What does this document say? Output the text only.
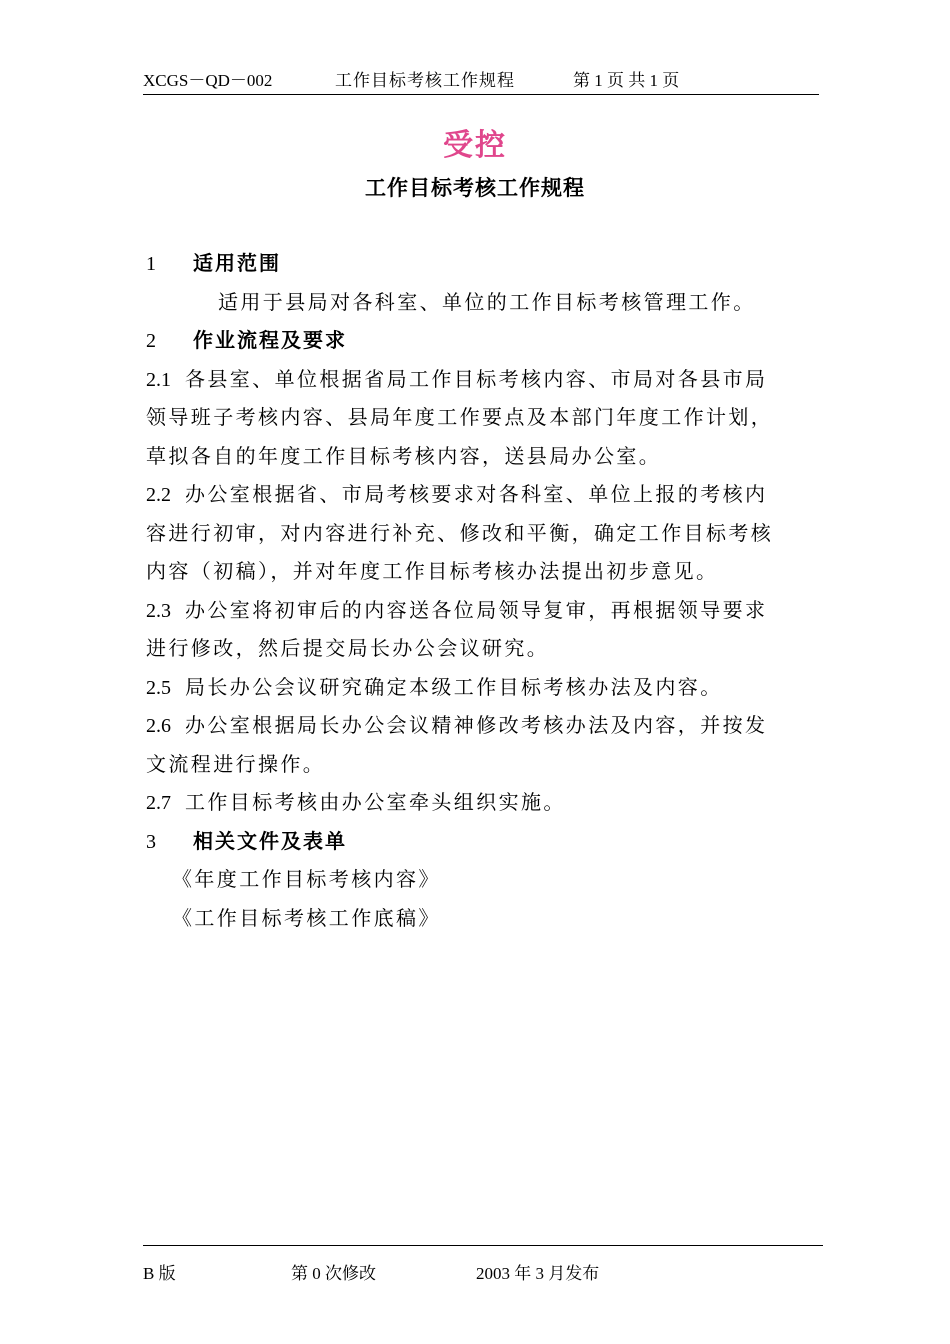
XCGS－QD－002	工作目标考核工作规程	第 1 页 共 1 页
受控
工作目标考核工作规程
1 适用范围
适用于县局对各科室、单位的工作目标考核管理工作。
2 作业流程及要求
2.1 各县室、单位根据省局工作目标考核内容、市局对各县市局
领导班子考核内容、县局年度工作要点及本部门年度工作计划，
草拟各自的年度工作目标考核内容，送县局办公室。
2.2 办公室根据省、市局考核要求对各科室、单位上报的考核内
容进行初审，对内容进行补充、修改和平衡，确定工作目标考核
内容（初稿），并对年度工作目标考核办法提出初步意见。
2.3 办公室将初审后的内容送各位局领导复审，再根据领导要求
进行修改，然后提交局长办公会议研究。
2.5 局长办公会议研究确定本级工作目标考核办法及内容。
2.6 办公室根据局长办公会议精神修改考核办法及内容，并按发
文流程进行操作。
2.7 工作目标考核由办公室牵头组织实施。
3 相关文件及表单
《年度工作目标考核内容》
《工作目标考核工作底稿》
B 版	第 0 次修改	2003 年 3 月发布
